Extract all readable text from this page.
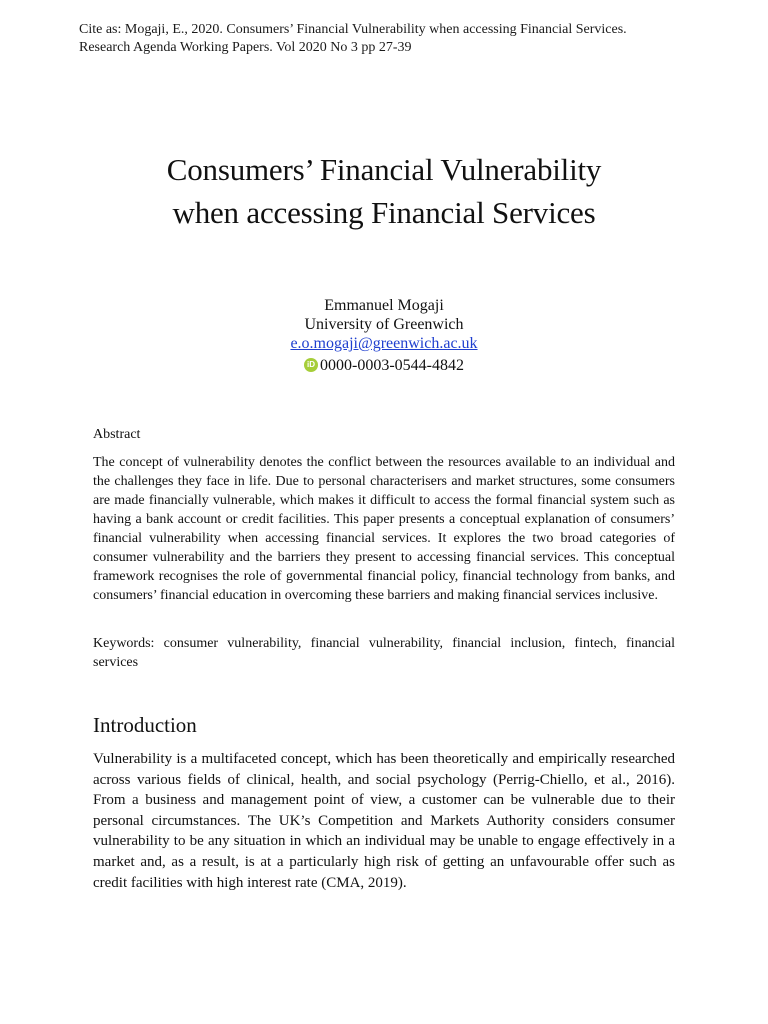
Cite as: Mogaji, E., 2020. Consumers’ Financial Vulnerability when accessing Financial Services. Research Agenda Working Papers. Vol 2020 No 3 pp 27-39
Consumers’ Financial Vulnerability
when accessing Financial Services
Emmanuel Mogaji
University of Greenwich
e.o.mogaji@greenwich.ac.uk
iD 0000-0003-0544-4842
Abstract

The concept of vulnerability denotes the conflict between the resources available to an individual and the challenges they face in life. Due to personal characterisers and market structures, some consumers are made financially vulnerable, which makes it difficult to access the formal financial system such as having a bank account or credit facilities. This paper presents a conceptual explanation of consumers’ financial vulnerability when accessing financial services. It explores the two broad categories of consumer vulnerability and the barriers they present to accessing financial services. This conceptual framework recognises the role of governmental financial policy, financial technology from banks, and consumers’ financial education in overcoming these barriers and making financial services inclusive.

Keywords: consumer vulnerability, financial vulnerability, financial inclusion, fintech, financial services

Introduction

Vulnerability is a multifaceted concept, which has been theoretically and empirically researched across various fields of clinical, health, and social psychology (Perrig-Chiello, et al., 2016). From a business and management point of view, a customer can be vulnerable due to their personal circumstances. The UK’s Competition and Markets Authority considers consumer vulnerability to be any situation in which an individual may be unable to engage effectively in a market and, as a result, is at a particularly high risk of getting an unfavourable offer such as credit facilities with high interest rate (CMA, 2019).
